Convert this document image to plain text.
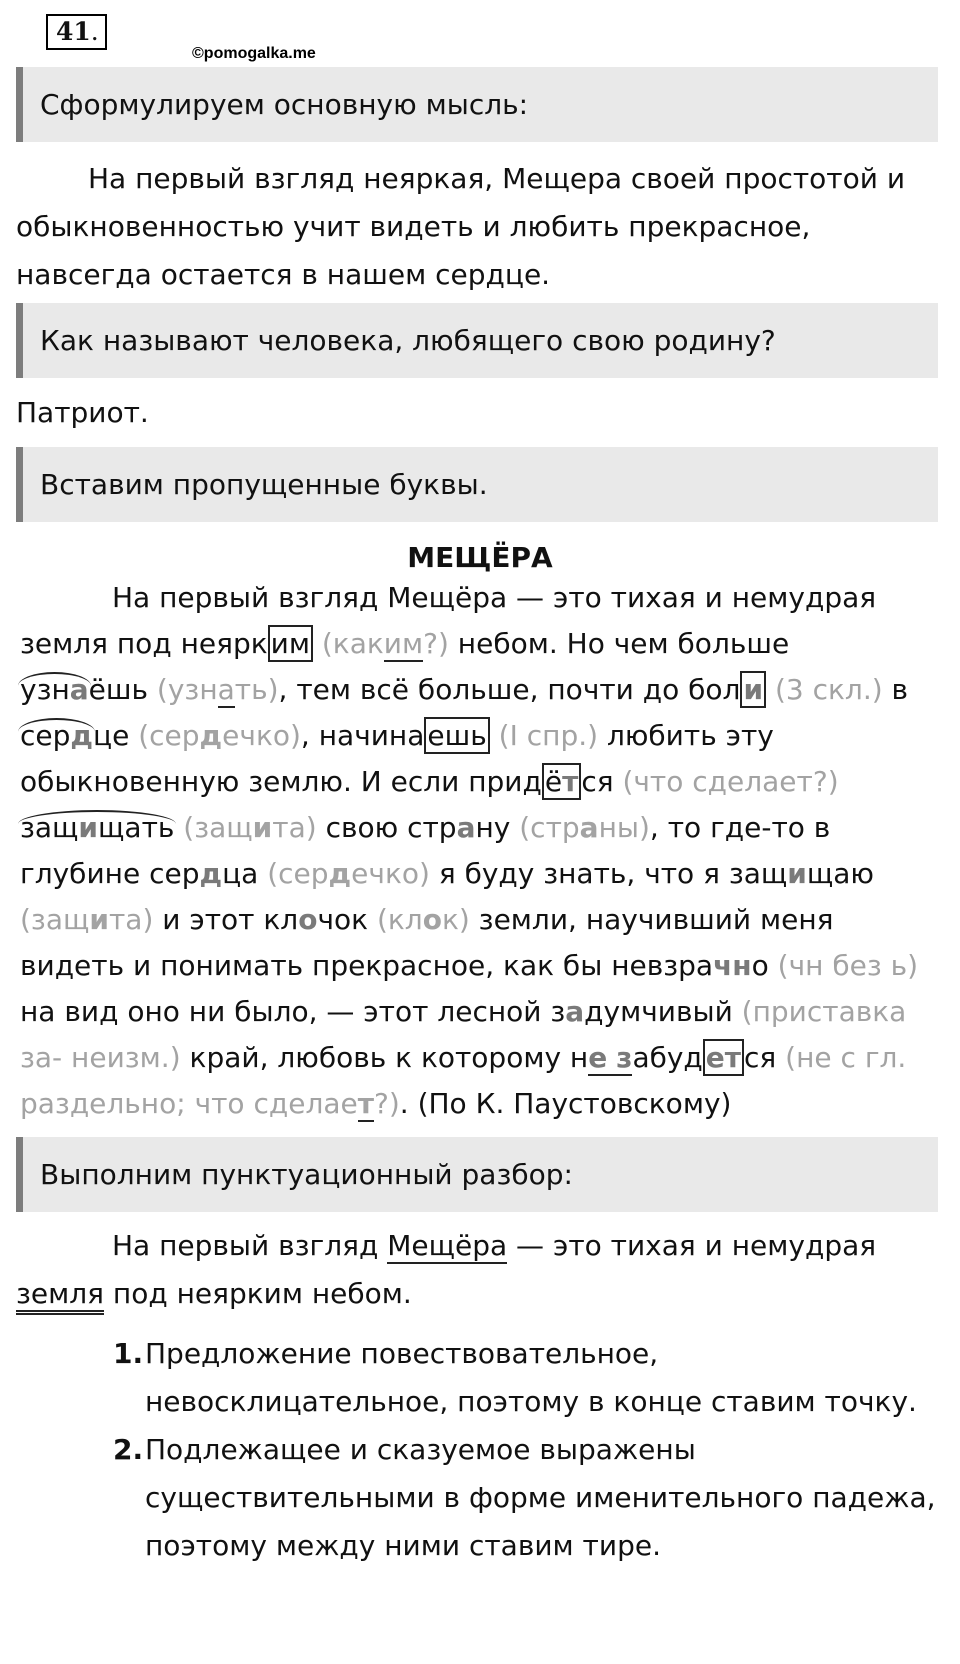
41 .
©pomogalka.me
Сформулируем основную мысль:

На первый взгляд неяркая, Мещера своей простотой и обыкновенностью учит видеть и любить прекрасное, навсегда остается в нашем сердце.

Как называют человека, любящего свою родину?
Патриот.
Вставим пропущенные буквы.
МЕЩЁРА
На первый взгляд Мещёра — это тихая и немудрая
земля под неярк им (каким?) небом. Но чем больше
узнаёшь (узнать), тем всё больше, почти до бол и (3 скл.) в
сердце (сердечко), начина ешь (I спр.) любить эту
обыкновенную землю. И если прид ёт ся (что сделает?)
защищать (защита) свою страну (страны), то где-то в
глубине сердца (сердечко) я буду знать, что я защищаю
(защита) и этот клочок (клок) земли, научивший меня
видеть и понимать прекрасное, как бы невзрачно (чн без ь)
на вид оно ни было, — этот лесной задумчивый (приставка
за- неизм.) край, любовь к которому не забуд ет ся (не с гл.
раздельно; что сделает?). (По К. Паустовскому)
Выполним пунктуационный разбор:
На первый взгляд Мещёра — это тихая и немудрая
земля под неярким небом.
1. Предложение повествовательное, невосклицательное, поэтому в конце ставим точку.
2. Подлежащее и сказуемое выражены существительными в форме именительного падежа, поэтому между ними ставим тире.
